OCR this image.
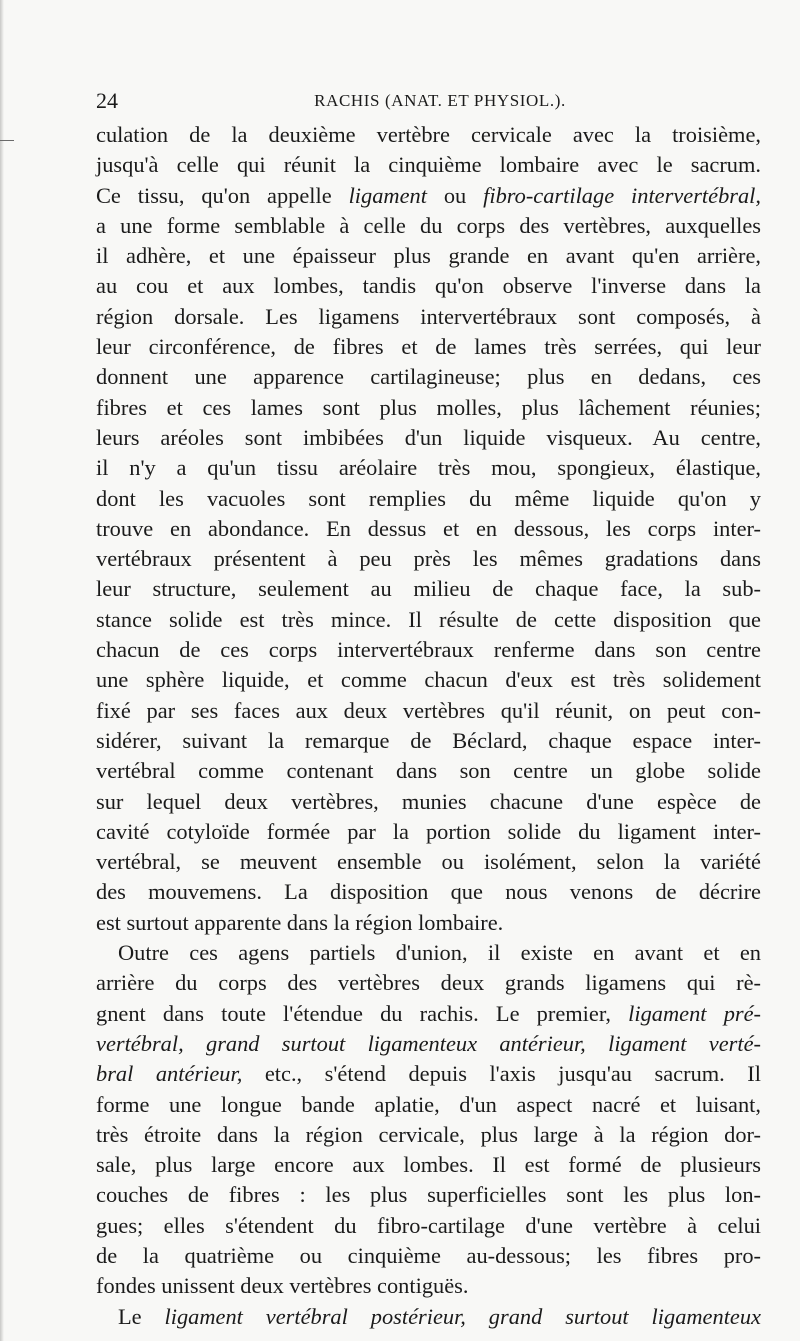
24	RACHIS (ANAT. ET PHYSIOL.).
culation de la deuxième vertèbre cervicale avec la troisième,
jusqu'à celle qui réunit la cinquième lombaire avec le sacrum.
Ce tissu, qu'on appelle ligament ou fibro-cartilage intervertébral,
a une forme semblable à celle du corps des vertèbres, auxquelles
il adhère, et une épaisseur plus grande en avant qu'en arrière,
au cou et aux lombes, tandis qu'on observe l'inverse dans la
région dorsale. Les ligamens intervertébraux sont composés, à
leur circonférence, de fibres et de lames très serrées, qui leur
donnent une apparence cartilagineuse; plus en dedans, ces
fibres et ces lames sont plus molles, plus lâchement réunies;
leurs aréoles sont imbibées d'un liquide visqueux. Au centre,
il n'y a qu'un tissu aréolaire très mou, spongieux, élastique,
dont les vacuoles sont remplies du même liquide qu'on y
trouve en abondance. En dessus et en dessous, les corps inter-
vertébraux présentent à peu près les mêmes gradations dans
leur structure, seulement au milieu de chaque face, la sub-
stance solide est très mince. Il résulte de cette disposition que
chacun de ces corps intervertébraux renferme dans son centre
une sphère liquide, et comme chacun d'eux est très solidement
fixé par ses faces aux deux vertèbres qu'il réunit, on peut con-
sidérer, suivant la remarque de Béclard, chaque espace inter-
vertébral comme contenant dans son centre un globe solide
sur lequel deux vertèbres, munies chacune d'une espèce de
cavité cotyloïde formée par la portion solide du ligament inter-
vertébral, se meuvent ensemble ou isolément, selon la variété
des mouvemens. La disposition que nous venons de décrire
est surtout apparente dans la région lombaire.
Outre ces agens partiels d'union, il existe en avant et en
arrière du corps des vertèbres deux grands ligamens qui rè-
gnent dans toute l'étendue du rachis. Le premier, ligament pré-
vertébral, grand surtout ligamenteux antérieur, ligament verté-
bral antérieur, etc., s'étend depuis l'axis jusqu'au sacrum. Il
forme une longue bande aplatie, d'un aspect nacré et luisant,
très étroite dans la région cervicale, plus large à la région dor-
sale, plus large encore aux lombes. Il est formé de plusieurs
couches de fibres : les plus superficielles sont les plus lon-
gues; elles s'étendent du fibro-cartilage d'une vertèbre à celui
de la quatrième ou cinquième au-dessous; les fibres pro-
fondes unissent deux vertèbres contiguës.
Le ligament vertébral postérieur, grand surtout ligamenteux
